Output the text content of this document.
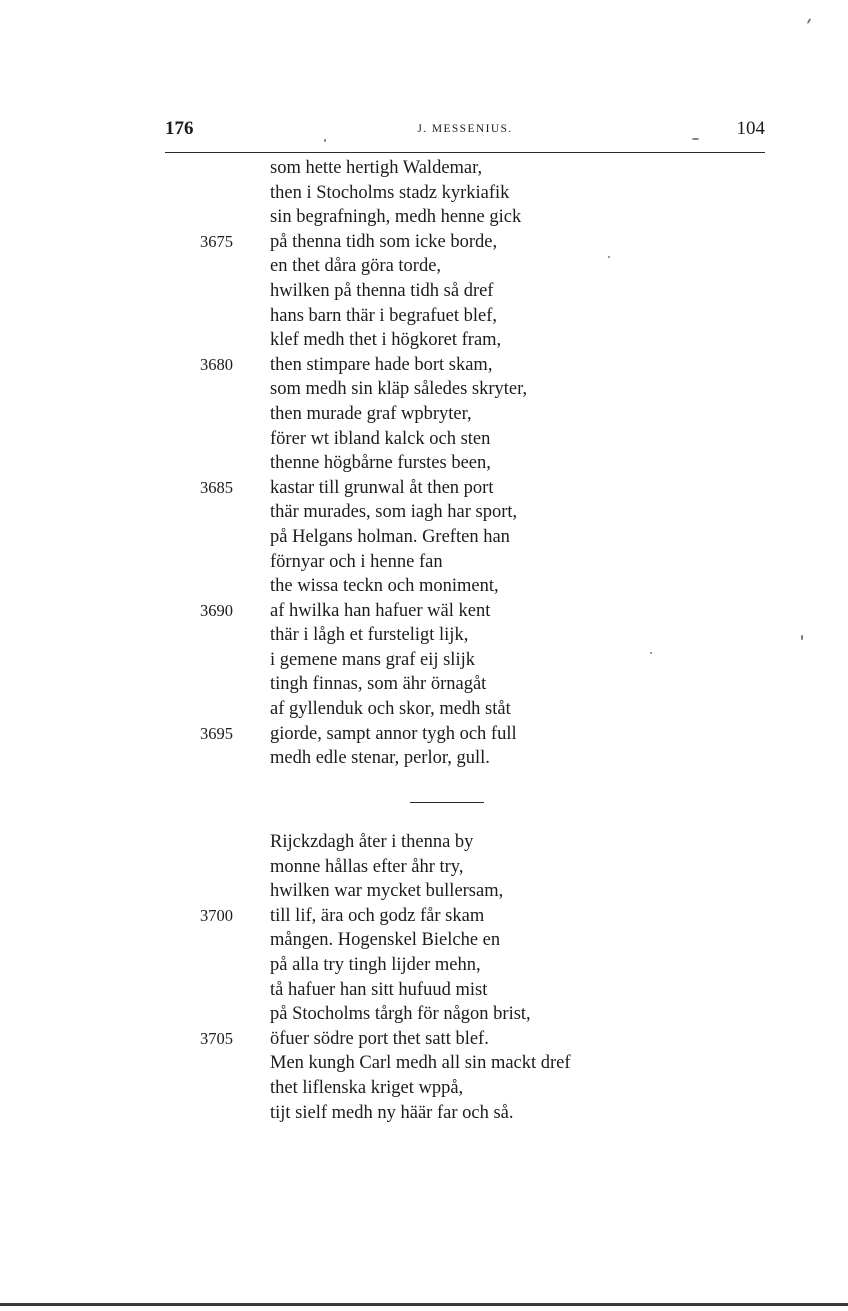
176	J. MESSENIUS.	104
som hette hertigh Waldemar,
then i Stocholms stadz kyrkiafik
sin begrafningh, medh henne gick
3675	på thenna tidh som icke borde,
en thet dåra göra torde,
hwilken på thenna tidh så dref
hans barn thär i begrafuet blef,
klef medh thet i högkoret fram,
3680	then stimpare hade bort skam,
som medh sin kläp således skryter,
then murade graf wpbryter,
förer wt ibland kalck och sten
thenne högbårne furstes been,
3685	kastar till grunwal åt then port
thär murades, som iagh har sport,
på Helgans holman. Greften han
förnyar och i henne fan
the wissa teckn och moniment,
3690	af hwilka han hafuer wäl kent
thär i lågh et fursteligt lijk,
i gemene mans graf eij slijk
tingh finnas, som ähr örnagåt
af gyllenduk och skor, medh ståt
3695	giorde, sampt annor tygh och full
medh edle stenar, perlor, gull.
Rijckzdagh åter i thenna by
monne hållas efter åhr try,
hwilken war mycket bullersam,
3700	till lif, ära och godz får skam
mången. Hogenskel Bielche en
på alla try tingh lijder mehn,
tå hafuer han sitt hufuud mist
på Stocholms tårgh för någon brist,
3705	öfuer södre port thet satt blef.
Men kungh Carl medh all sin mackt dref
thet liflenska kriget wppå,
tijt sielf medh ny häär far och så.
